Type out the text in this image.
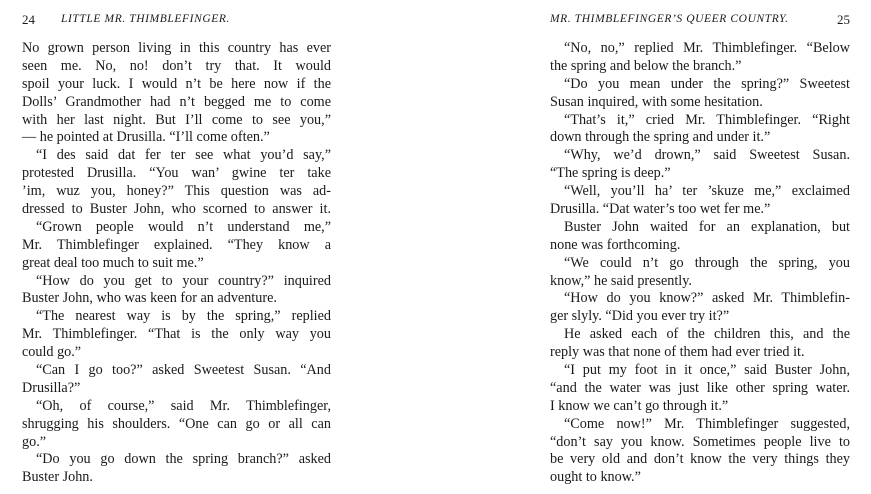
24 LITTLE MR. THIMBLEFINGER.
No grown person living in this country has ever
seen me. No, no! don’t try that. It would
spoil your luck. I would n’t be here now if the
Dolls’ Grandmother had n’t begged me to come
with her last night. But I’ll come to see you,”
— he pointed at Drusilla. “I’ll come often.”
“I des said dat fer ter see what you’d say,”
protested Drusilla. “You wan’ gwine ter take
’im, wuz you, honey?” This question was ad-
dressed to Buster John, who scorned to answer it.
“Grown people would n’t understand me,”
Mr. Thimblefinger explained. “They know a
great deal too much to suit me.”
“How do you get to your country?” inquired
Buster John, who was keen for an adventure.
“The nearest way is by the spring,” replied
Mr. Thimblefinger. “That is the only way you
could go.”
“Can I go too?” asked Sweetest Susan. “And
Drusilla?”
“Oh, of course,” said Mr. Thimblefinger,
shrugging his shoulders. “One can go or all can
go.”
“Do you go down the spring branch?” asked
Buster John.
MR. THIMBLEFINGER’S QUEER COUNTRY.	25
“No, no,” replied Mr. Thimblefinger. “Below
the spring and below the branch.”
“Do you mean under the spring?” Sweetest
Susan inquired, with some hesitation.
“That’s it,” cried Mr. Thimblefinger. “Right
down through the spring and under it.”
“Why, we’d drown,” said Sweetest Susan.
“The spring is deep.”
“Well, you’ll ha’ ter ’skuze me,” exclaimed
Drusilla. “Dat water’s too wet fer me.”
Buster John waited for an explanation, but
none was forthcoming.
“We could n’t go through the spring, you
know,” he said presently.
“How do you know?” asked Mr. Thimblefin-
ger slyly. “Did you ever try it?”
He asked each of the children this, and the
reply was that none of them had ever tried it.
“I put my foot in it once,” said Buster John,
“and the water was just like other spring water.
I know we can’t go through it.”
“Come now!” Mr. Thimblefinger suggested,
“don’t say you know. Sometimes people live to
be very old and don’t know the very things they
ought to know.”
